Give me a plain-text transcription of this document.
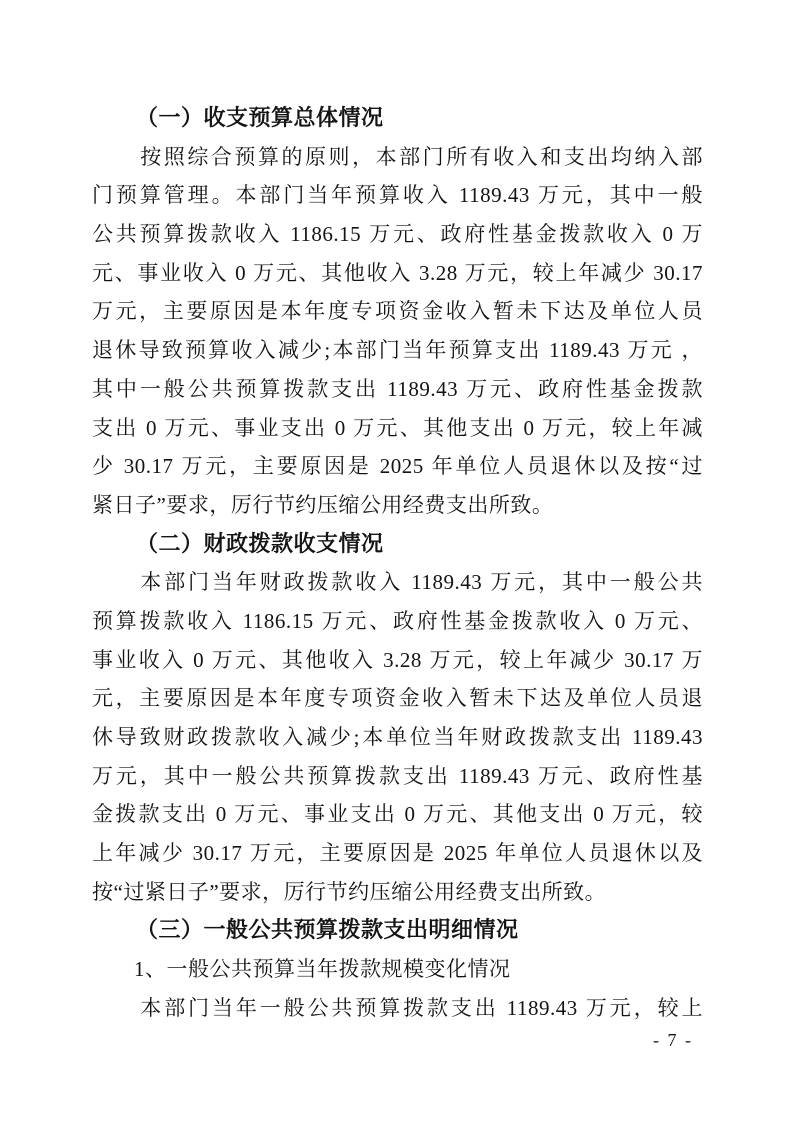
（一）收支预算总体情况
按照综合预算的原则，本部门所有收入和支出均纳入部
门预算管理。本部门当年预算收入 1189.43 万元，其中一般
公共预算拨款收入 1186.15 万元、政府性基金拨款收入 0 万
元、事业收入 0 万元、其他收入 3.28 万元，较上年减少 30.17
万元，主要原因是本年度专项资金收入暂未下达及单位人员
退休导致预算收入减少;本部门当年预算支出 1189.43 万元 ，
其中一般公共预算拨款支出 1189.43 万元、政府性基金拨款
支出 0 万元、事业支出 0 万元、其他支出 0 万元，较上年减
少 30.17 万元，主要原因是 2025 年单位人员退休以及按“过
紧日子”要求，厉行节约压缩公用经费支出所致。
（二）财政拨款收支情况
本部门当年财政拨款收入 1189.43 万元，其中一般公共
预算拨款收入 1186.15 万元、政府性基金拨款收入 0 万元、
事业收入 0 万元、其他收入 3.28 万元，较上年减少 30.17 万
元，主要原因是本年度专项资金收入暂未下达及单位人员退
休导致财政拨款收入减少;本单位当年财政拨款支出 1189.43
万元，其中一般公共预算拨款支出 1189.43 万元、政府性基
金拨款支出 0 万元、事业支出 0 万元、其他支出 0 万元，较
上年减少 30.17 万元，主要原因是 2025 年单位人员退休以及
按“过紧日子”要求，厉行节约压缩公用经费支出所致。
（三）一般公共预算拨款支出明细情况
1、一般公共预算当年拨款规模变化情况
本部门当年一般公共预算拨款支出 1189.43 万元，较上
- 7 -
